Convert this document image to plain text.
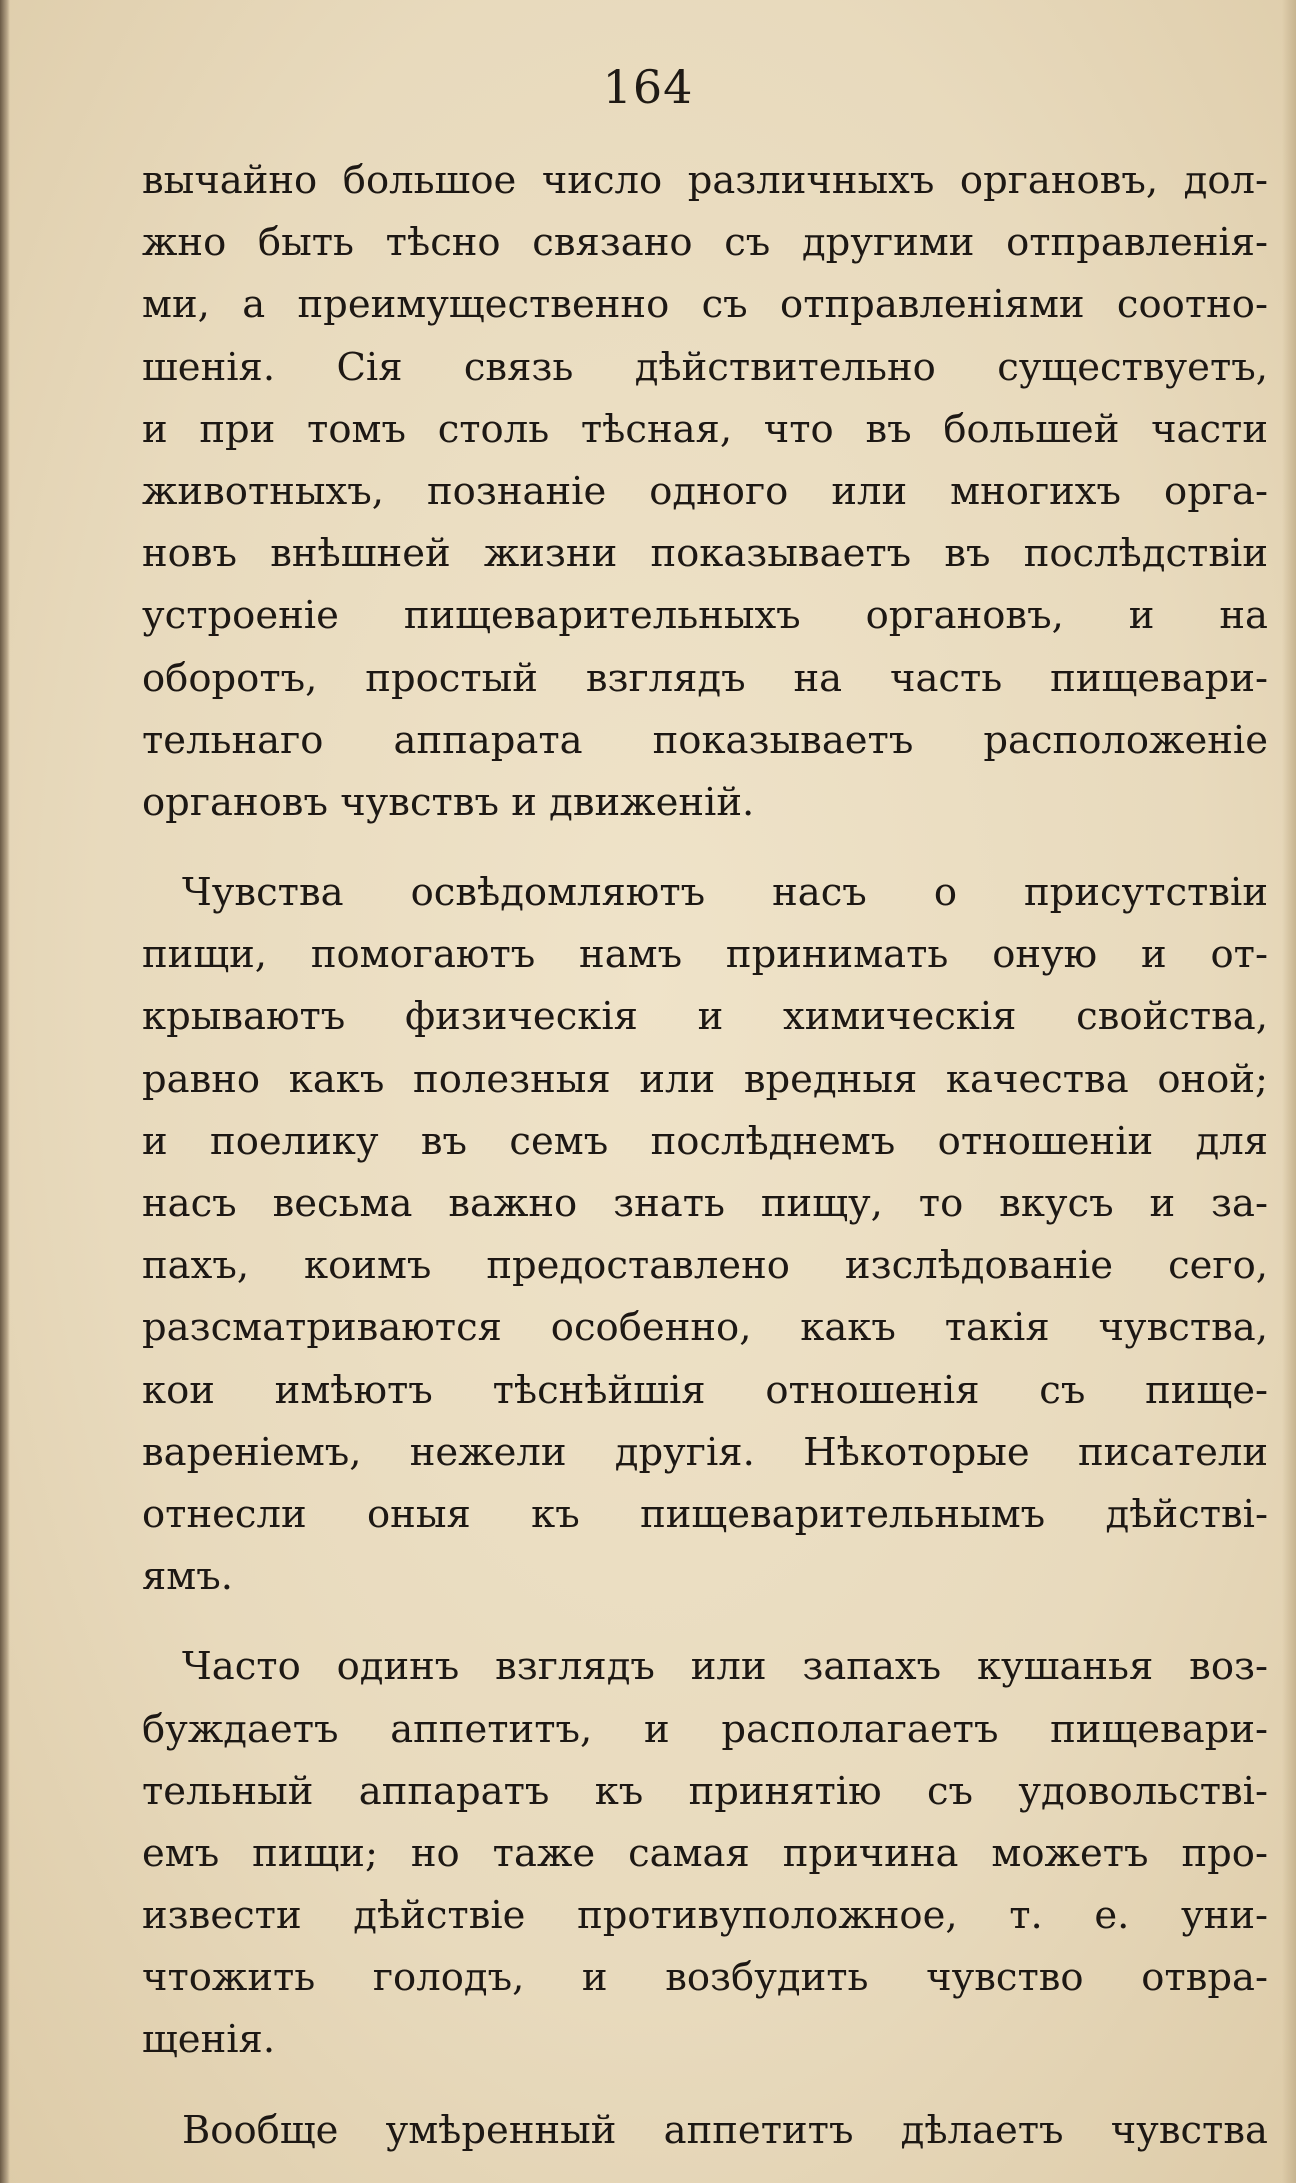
164
вычайно большое число различныхъ органовъ, дол-
жно быть тѣсно связано съ другими отправленія-
ми, а преимущественно съ отправленіями соотно-
шенія. Сія связь дѣйствительно существуетъ,
и при томъ столь тѣсная, что въ большей части
животныхъ, познаніе одного или многихъ орга-
новъ внѣшней жизни показываетъ въ послѣдствіи
устроеніе пищеварительныхъ органовъ, и на
оборотъ, простый взглядъ на часть пищевари-
тельнаго аппарата показываетъ расположеніе
органовъ чувствъ и движеній.
Чувства освѣдомляютъ насъ о присутствіи
пищи, помогаютъ намъ принимать оную и от-
крываютъ физическія и химическія свойства,
равно какъ полезныя или вредныя качества оной;
и поелику въ семъ послѣднемъ отношеніи для
насъ весьма важно знать пищу, то вкусъ и за-
пахъ, коимъ предоставлено изслѣдованіе сего,
разсматриваются особенно, какъ такія чувства,
кои имѣютъ тѣснѣйшія отношенія съ пище-
вареніемъ, нежели другія. Нѣкоторые писатели
отнесли оныя къ пищеварительнымъ дѣйстві-
ямъ.
Часто одинъ взглядъ или запахъ кушанья воз-
буждаетъ аппетитъ, и располагаетъ пищевари-
тельный аппаратъ къ принятію съ удовольствi-
емъ пищи; но таже самая причина можетъ про-
извести дѣйствіе противуположное, т. е. уни-
чтожить голодъ, и возбудить чувство отвра-
щенія.
Вообще умѣренный аппетитъ дѣлаетъ чувства
